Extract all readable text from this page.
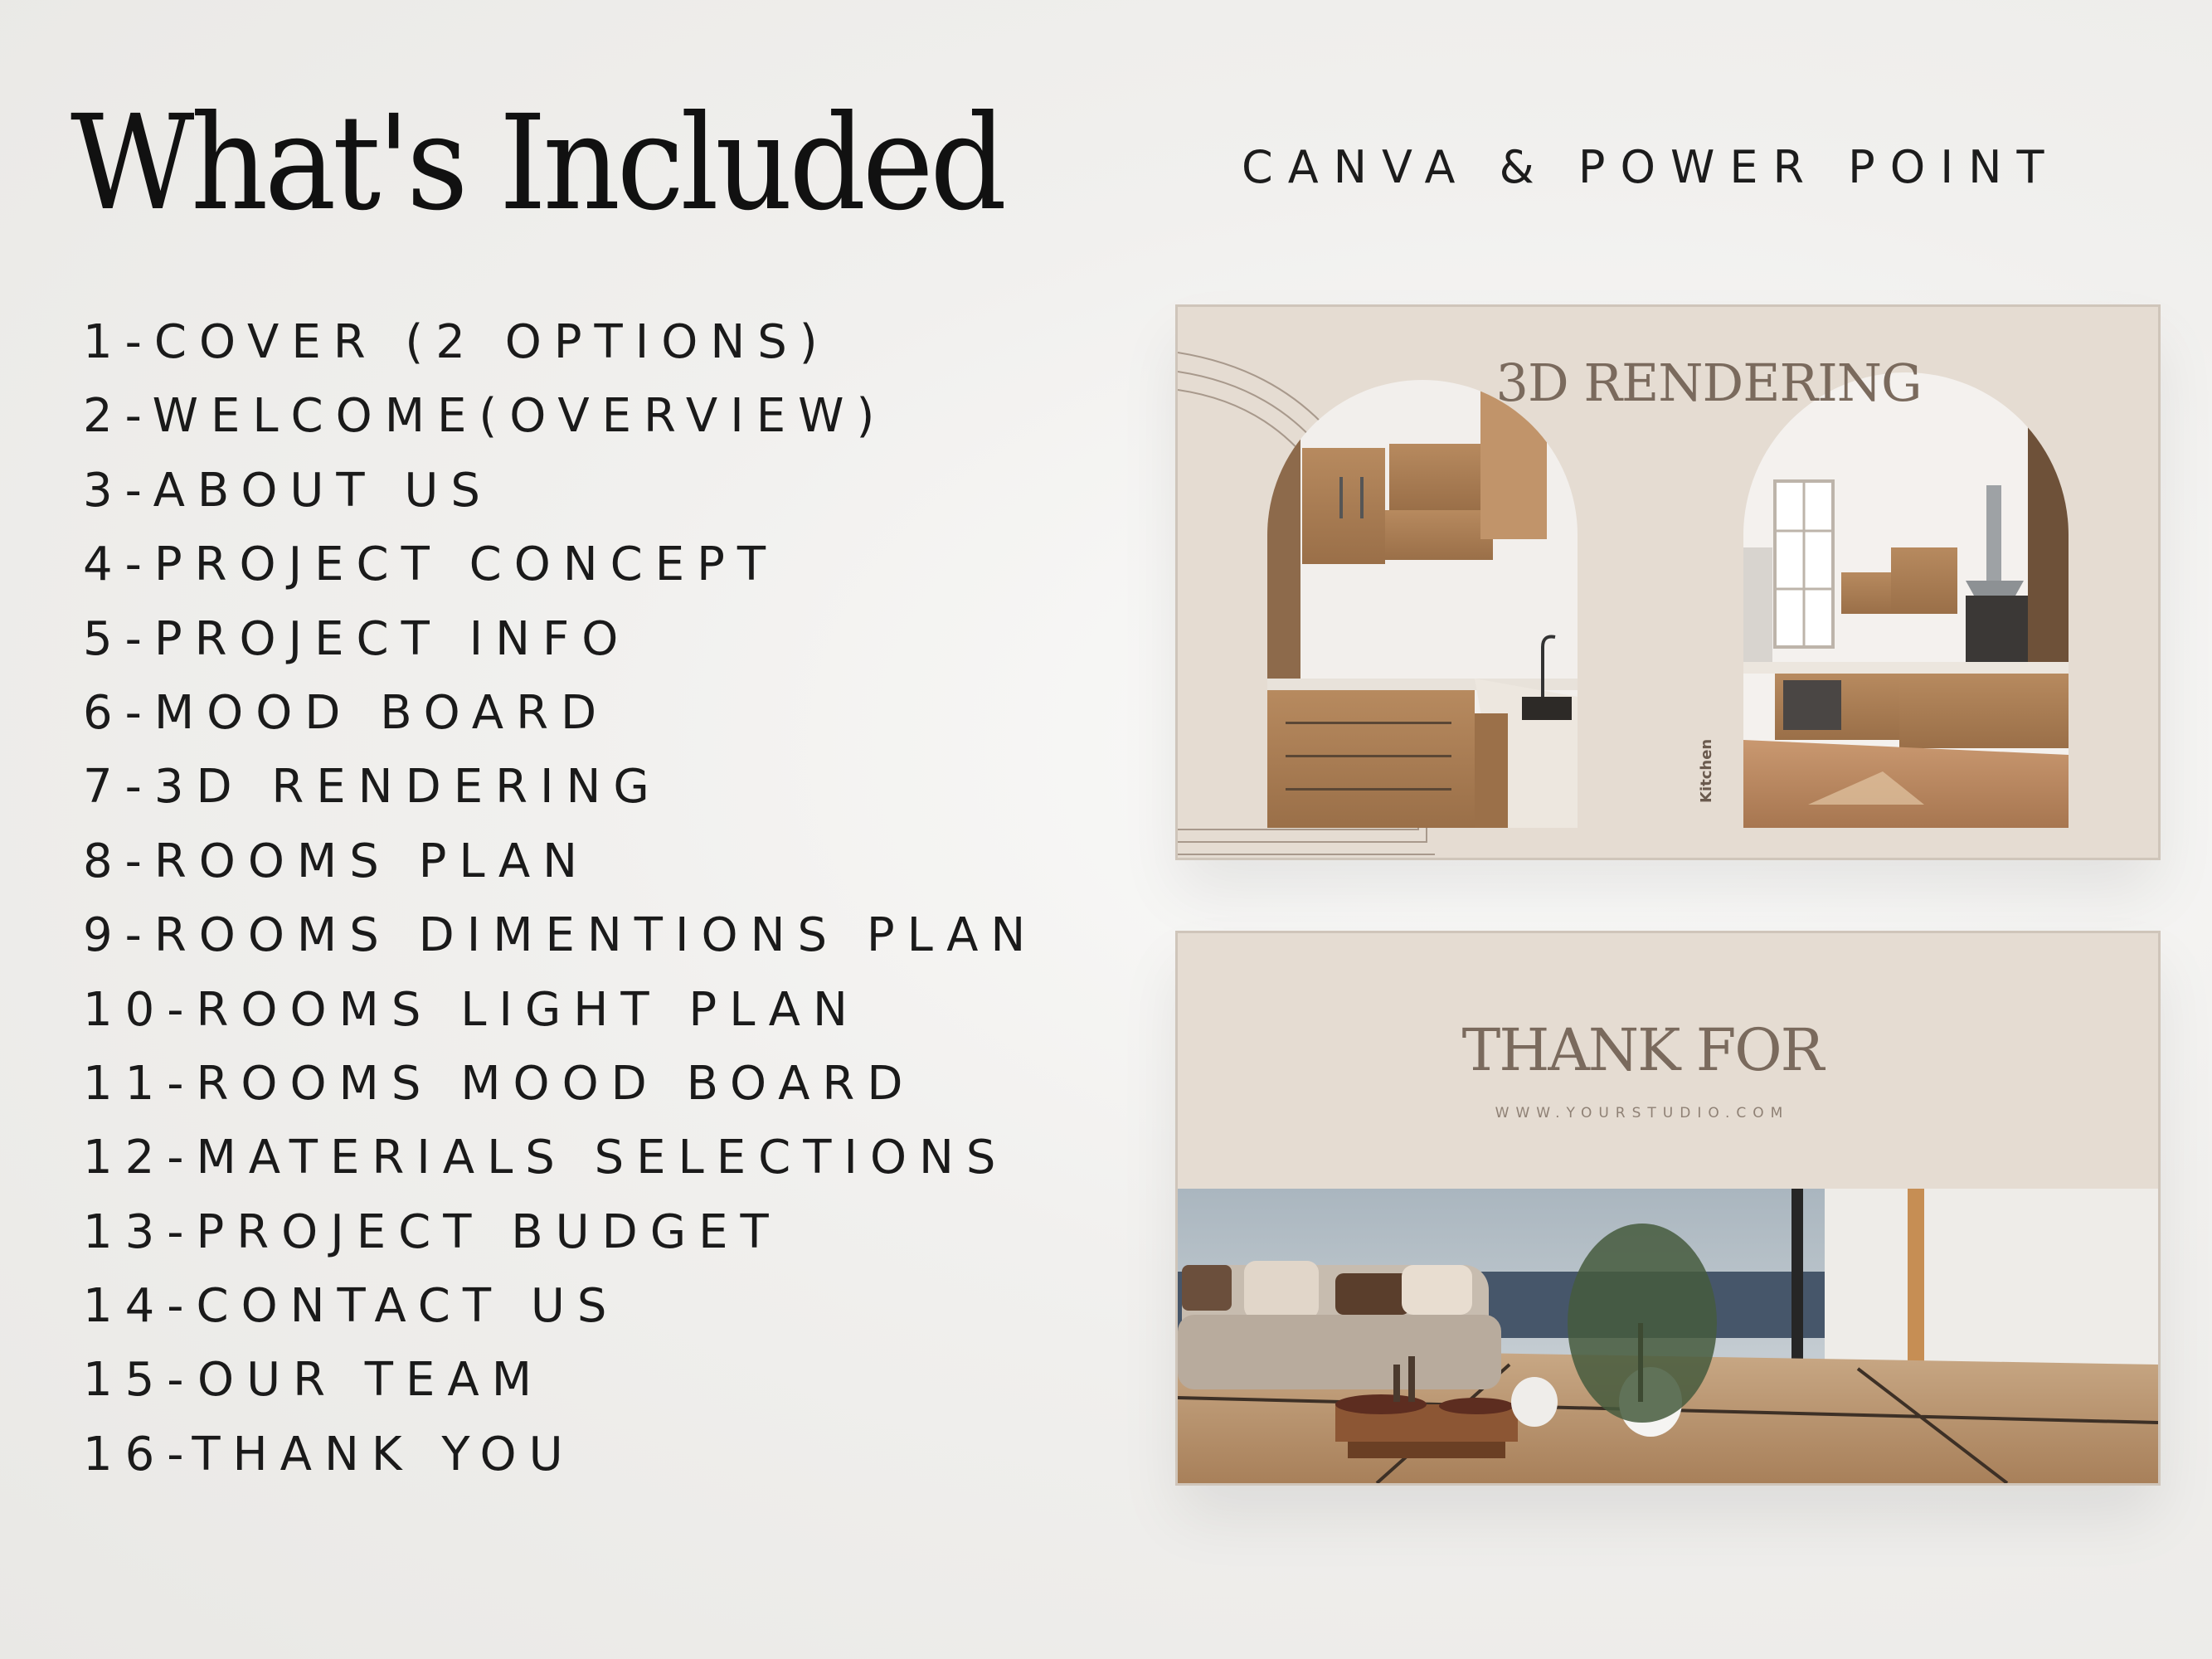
What's Included	CANVA & POWER POINT
1-COVER (2 OPTIONS)
2-WELCOME(OVERVIEW)
3-ABOUT US
4-PROJECT CONCEPT
5-PROJECT INFO
6-MOOD BOARD
7-3D RENDERING
8-ROOMS PLAN
9-ROOMS DIMENTIONS PLAN
10-ROOMS LIGHT PLAN
11-ROOMS MOOD BOARD
12-MATERIALS SELECTIONS
13-PROJECT BUDGET
14-CONTACT US
15-OUR TEAM
16-THANK YOU
3D RENDERING
Kitchen
THANK FOR
WWW.YOURSTUDIO.COM
